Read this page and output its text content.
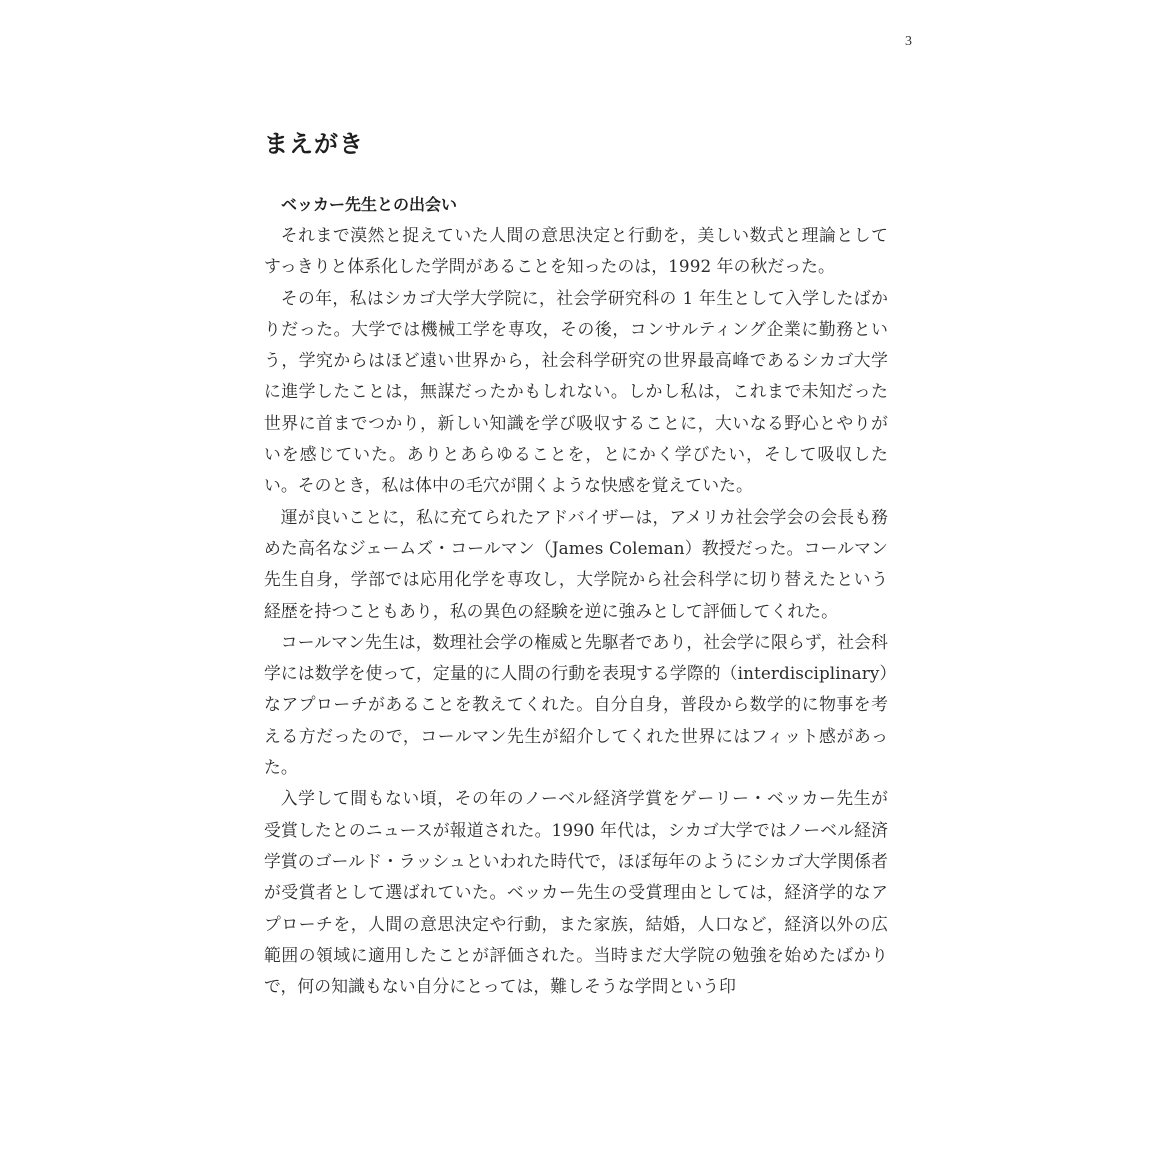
3
まえがき
ベッカー先生との出会い

それまで漠然と捉えていた人間の意思決定と行動を，美しい数式と理論としてすっきりと体系化した学問があることを知ったのは，1992 年の秋だった。

その年，私はシカゴ大学大学院に，社会学研究科の 1 年生として入学したばかりだった。大学では機械工学を専攻，その後，コンサルティング企業に勤務という，学究からはほど遠い世界から，社会科学研究の世界最高峰であるシカゴ大学に進学したことは，無謀だったかもしれない。しかし私は，これまで未知だった世界に首までつかり，新しい知識を学び吸収することに，大いなる野心とやりがいを感じていた。ありとあらゆることを，とにかく学びたい，そして吸収したい。そのとき，私は体中の毛穴が開くような快感を覚えていた。

運が良いことに，私に充てられたアドバイザーは，アメリカ社会学会の会長も務めた高名なジェームズ・コールマン（James Coleman）教授だった。コールマン先生自身，学部では応用化学を専攻し，大学院から社会科学に切り替えたという経歴を持つこともあり，私の異色の経験を逆に強みとして評価してくれた。

コールマン先生は，数理社会学の権威と先駆者であり，社会学に限らず，社会科学には数学を使って，定量的に人間の行動を表現する学際的（interdisciplinary）なアプローチがあることを教えてくれた。自分自身，普段から数学的に物事を考える方だったので，コールマン先生が紹介してくれた世界にはフィット感があった。

入学して間もない頃，その年のノーベル経済学賞をゲーリー・ベッカー先生が受賞したとのニュースが報道された。1990 年代は，シカゴ大学ではノーベル経済学賞のゴールド・ラッシュといわれた時代で，ほぼ毎年のようにシカゴ大学関係者が受賞者として選ばれていた。ベッカー先生の受賞理由としては，経済学的なアプローチを，人間の意思決定や行動，また家族，結婚，人口など，経済以外の広範囲の領域に適用したことが評価された。当時まだ大学院の勉強を始めたばかりで，何の知識もない自分にとっては，難しそうな学問という印
